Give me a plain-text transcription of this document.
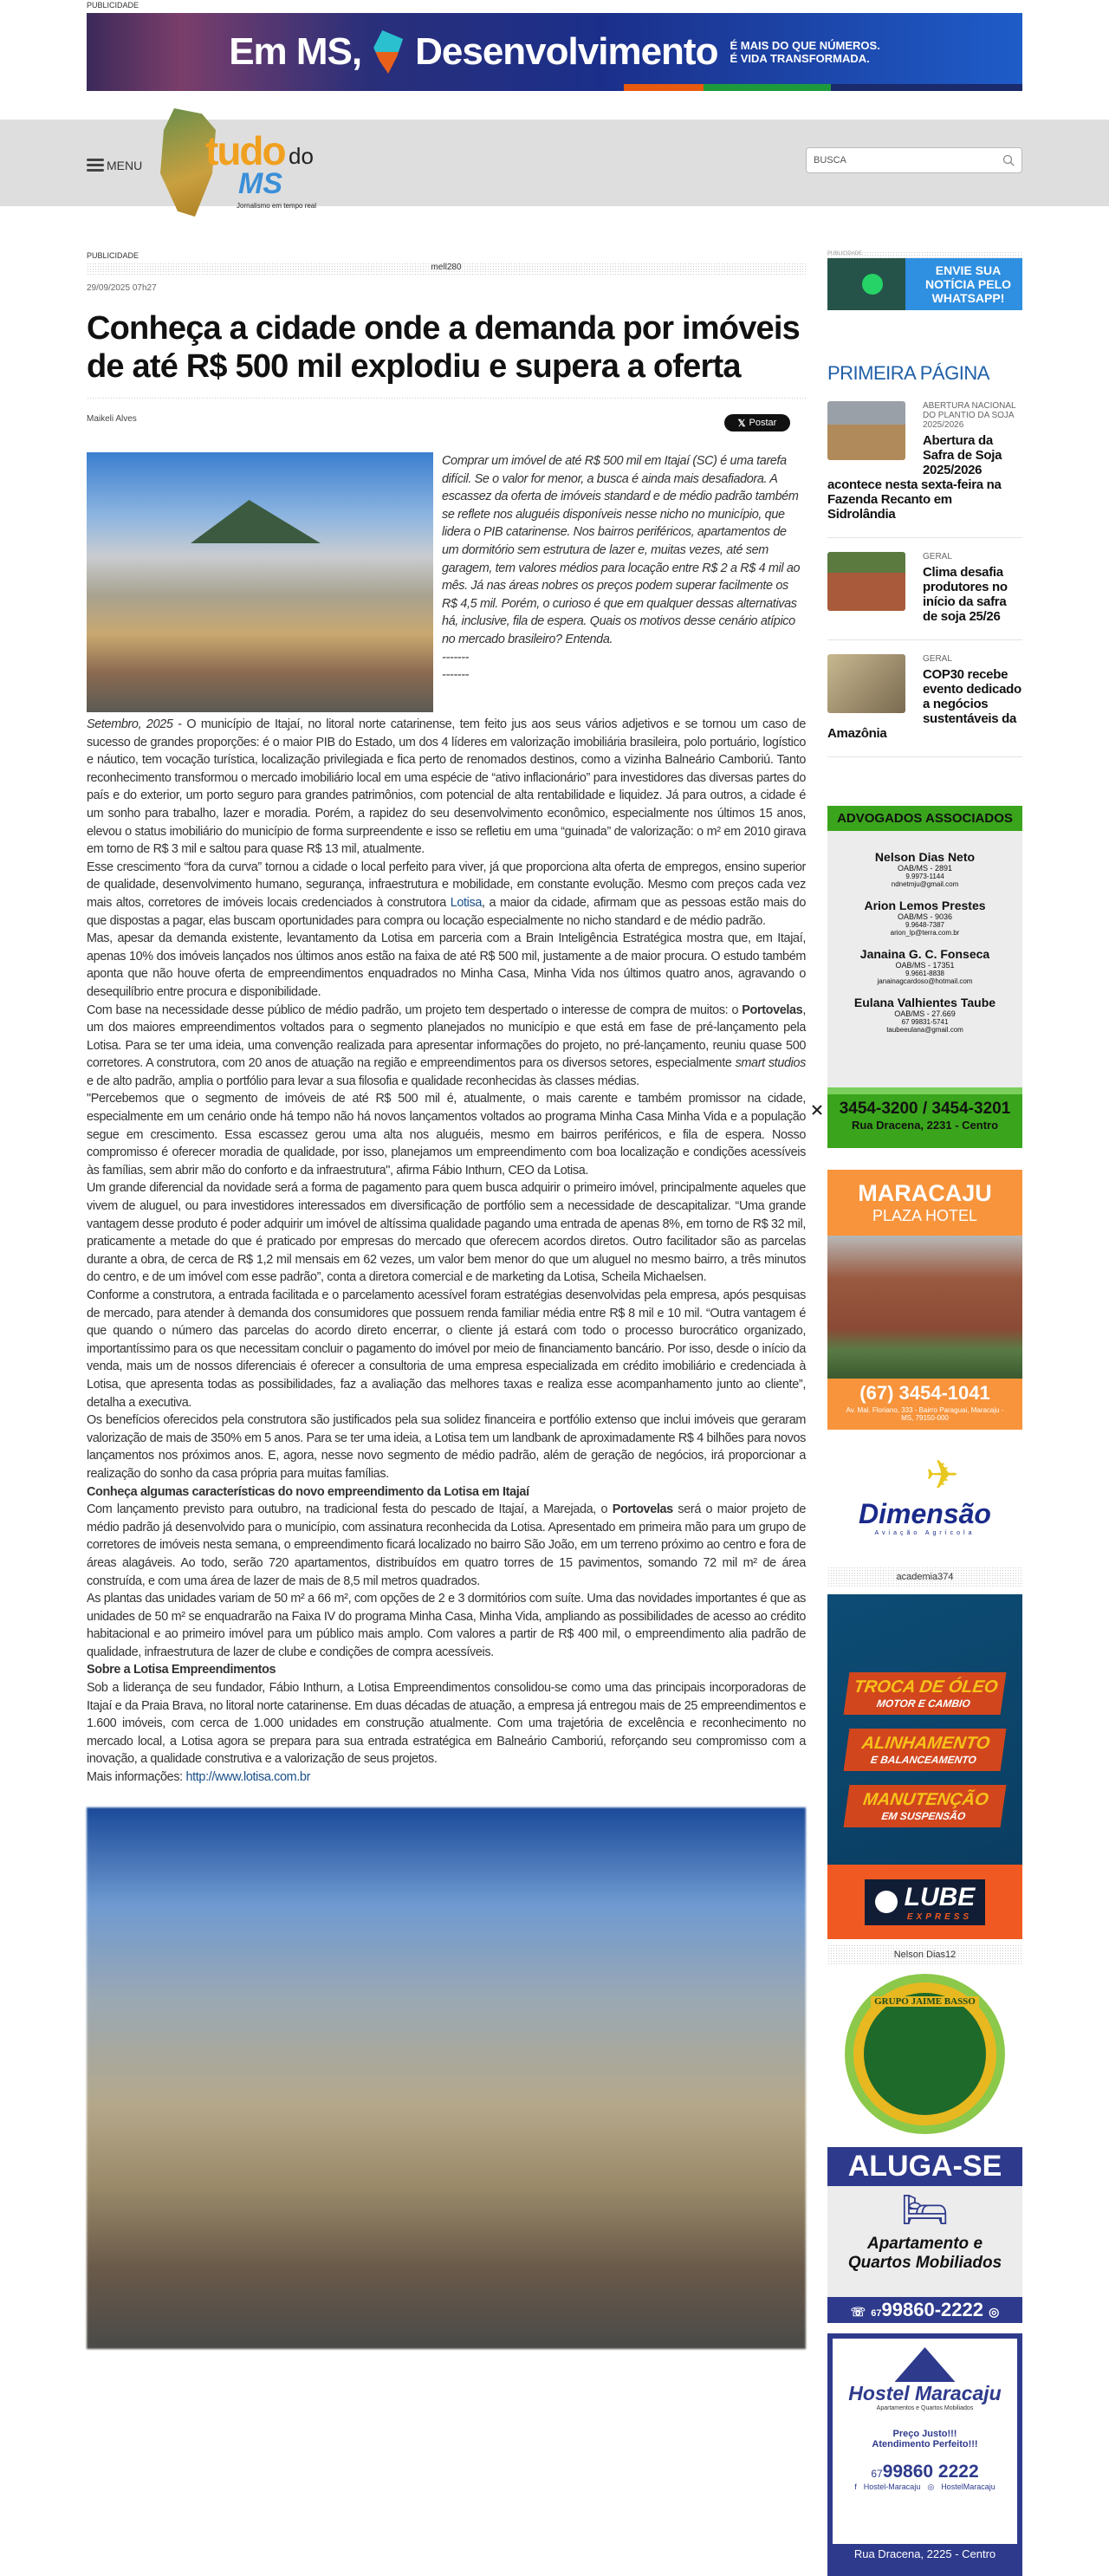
PUBLICIDADE
Em MS, Desenvolvimento É MAIS DO QUE NÚMEROS.
É VIDA TRANSFORMADA.
MENU tudo do
MS
Jornalismo em tempo real
BUSCA
PUBLICIDADE
mell280
29/09/2025 07h27
Conheça a cidade onde a demanda por imóveis de até R$ 500 mil explodiu e supera a oferta
Maikeli Alves	𝕏 Postar
Comprar um imóvel de até R$ 500 mil em Itajaí (SC) é uma tarefa difícil. Se o valor for menor, a busca é ainda mais desafiadora. A escassez da oferta de imóveis standard e de médio padrão também se reflete nos aluguéis disponíveis nesse nicho no município, que lidera o PIB catarinense. Nos bairros periféricos, apartamentos de um dormitório sem estrutura de lazer e, muitas vezes, até sem garagem, tem valores médios para locação entre R$ 2 a R$ 4 mil ao mês. Já nas áreas nobres os preços podem superar facilmente os R$ 4,5 mil. Porém, o curioso é que em qualquer dessas alternativas há, inclusive, fila de espera. Quais os motivos desse cenário atípico no mercado brasileiro? Entenda.
-------
-------

Setembro, 2025 - O município de Itajaí, no litoral norte catarinense, tem feito jus aos seus vários adjetivos e se tornou um caso de sucesso de grandes proporções: é o maior PIB do Estado, um dos 4 líderes em valorização imobiliária brasileira, polo portuário, logístico e náutico, tem vocação turística, localização privilegiada e fica perto de renomados destinos, como a vizinha Balneário Camboriú. Tanto reconhecimento transformou o mercado imobiliário local em uma espécie de “ativo inflacionário” para investidores das diversas partes do país e do exterior, um porto seguro para grandes patrimônios, com potencial de alta rentabilidade e liquidez. Já para outros, a cidade é um sonho para trabalho, lazer e moradia. Porém, a rapidez do seu desenvolvimento econômico, especialmente nos últimos 15 anos, elevou o status imobiliário do município de forma surpreendente e isso se refletiu em uma “guinada” de valorização: o m² em 2010 girava em torno de R$ 3 mil e saltou para quase R$ 13 mil, atualmente.

Esse crescimento “fora da curva” tornou a cidade o local perfeito para viver, já que proporciona alta oferta de empregos, ensino superior de qualidade, desenvolvimento humano, segurança, infraestrutura e mobilidade, em constante evolução. Mesmo com preços cada vez mais altos, corretores de imóveis locais credenciados à construtora Lotisa, a maior da cidade, afirmam que as pessoas estão mais do que dispostas a pagar, elas buscam oportunidades para compra ou locação especialmente no nicho standard e de médio padrão.

Mas, apesar da demanda existente, levantamento da Lotisa em parceria com a Brain Inteligência Estratégica mostra que, em Itajaí, apenas 10% dos imóveis lançados nos últimos anos estão na faixa de até R$ 500 mil, justamente a de maior procura. O estudo também aponta que não houve oferta de empreendimentos enquadrados no Minha Casa, Minha Vida nos últimos quatro anos, agravando o desequilíbrio entre procura e disponibilidade.

Com base na necessidade desse público de médio padrão, um projeto tem despertado o interesse de compra de muitos: o Portovelas, um dos maiores empreendimentos voltados para o segmento planejados no município e que está em fase de pré-lançamento pela Lotisa. Para se ter uma ideia, uma convenção realizada para apresentar informações do projeto, no pré-lançamento, reuniu quase 500 corretores. A construtora, com 20 anos de atuação na região e empreendimentos para os diversos setores, especialmente smart studios e de alto padrão, amplia o portfólio para levar a sua filosofia e qualidade reconhecidas às classes médias.

"Percebemos que o segmento de imóveis de até R$ 500 mil é, atualmente, o mais carente e também promissor na cidade, especialmente em um cenário onde há tempo não há novos lançamentos voltados ao programa Minha Casa Minha Vida e a população segue em crescimento. Essa escassez gerou uma alta nos aluguéis, mesmo em bairros periféricos, e fila de espera. Nosso compromisso é oferecer moradia de qualidade, por isso, planejamos um empreendimento com boa localização e condições acessíveis às famílias, sem abrir mão do conforto e da infraestrutura", afirma Fábio Inthurn, CEO da Lotisa.

Um grande diferencial da novidade será a forma de pagamento para quem busca adquirir o primeiro imóvel, principalmente aqueles que vivem de aluguel, ou para investidores interessados em diversificação de portfólio sem a necessidade de descapitalizar. “Uma grande vantagem desse produto é poder adquirir um imóvel de altíssima qualidade pagando uma entrada de apenas 8%, em torno de R$ 32 mil, praticamente a metade do que é praticado por empresas do mercado que oferecem acordos diretos. Outro facilitador são as parcelas durante a obra, de cerca de R$ 1,2 mil mensais em 62 vezes, um valor bem menor do que um aluguel no mesmo bairro, a três minutos do centro, e de um imóvel com esse padrão”, conta a diretora comercial e de marketing da Lotisa, Scheila Michaelsen.

Conforme a construtora, a entrada facilitada e o parcelamento acessível foram estratégias desenvolvidas pela empresa, após pesquisas de mercado, para atender à demanda dos consumidores que possuem renda familiar média entre R$ 8 mil e 10 mil. “Outra vantagem é que quando o número das parcelas do acordo direto encerrar, o cliente já estará com todo o processo burocrático organizado, importantíssimo para os que necessitam concluir o pagamento do imóvel por meio de financiamento bancário. Por isso, desde o início da venda, mais um de nossos diferenciais é oferecer a consultoria de uma empresa especializada em crédito imobiliário e credenciada à Lotisa, que apresenta todas as possibilidades, faz a avaliação das melhores taxas e realiza esse acompanhamento junto ao cliente”, detalha a executiva.

Os benefícios oferecidos pela construtora são justificados pela sua solidez financeira e portfólio extenso que inclui imóveis que geraram valorização de mais de 350% em 5 anos. Para se ter uma ideia, a Lotisa tem um landbank de aproximadamente R$ 4 bilhões para novos lançamentos nos próximos anos. E, agora, nesse novo segmento de médio padrão, além de geração de negócios, irá proporcionar a realização do sonho da casa própria para muitas famílias.

Conheça algumas características do novo empreendimento da Lotisa em Itajaí

Com lançamento previsto para outubro, na tradicional festa do pescado de Itajaí, a Marejada, o Portovelas será o maior projeto de médio padrão já desenvolvido para o município, com assinatura reconhecida da Lotisa. Apresentado em primeira mão para um grupo de corretores de imóveis nesta semana, o empreendimento ficará localizado no bairro São João, em um terreno próximo ao centro e fora de áreas alagáveis. Ao todo, serão 720 apartamentos, distribuídos em quatro torres de 15 pavimentos, somando 72 mil m² de área construída, e com uma área de lazer de mais de 8,5 mil metros quadrados.

As plantas das unidades variam de 50 m² a 66 m², com opções de 2 e 3 dormitórios com suíte. Uma das novidades importantes é que as unidades de 50 m² se enquadrarão na Faixa IV do programa Minha Casa, Minha Vida, ampliando as possibilidades de acesso ao crédito habitacional e ao primeiro imóvel para um público mais amplo. Com valores a partir de R$ 400 mil, o empreendimento alia padrão de qualidade, infraestrutura de lazer de clube e condições de compra acessíveis.

Sobre a Lotisa Empreendimentos

Sob a liderança de seu fundador, Fábio Inthurn, a Lotisa Empreendimentos consolidou-se como uma das principais incorporadoras de Itajaí e da Praia Brava, no litoral norte catarinense. Em duas décadas de atuação, a empresa já entregou mais de 25 empreendimentos e 1.600 imóveis, com cerca de 1.000 unidades em construção atualmente. Com uma trajetória de excelência e reconhecimento no mercado local, a Lotisa agora se prepara para sua entrada estratégica em Balneário Camboriú, reforçando seu compromisso com a inovação, a qualidade construtiva e a valorização de seus projetos.

Mais informações: http://www.lotisa.com.br

PUBLICIDADE
ENVIE SUA NOTÍCIA PELO WHATSAPP!
PRIMEIRA PÁGINA
ABERTURA NACIONAL DO PLANTIO DA SOJA 2025/2026
Abertura da Safra de Soja 2025/2026 acontece nesta sexta-feira na Fazenda Recanto em Sidrolândia
GERAL
Clima desafia produtores no início da safra de soja 25/26
GERAL
COP30 recebe evento dedicado a negócios sustentáveis da Amazônia
ADVOGADOS ASSOCIADOS
Nelson Dias Neto
OAB/MS - 2891
9.9973-1144
ndnetmju@gmail.com
Arion Lemos Prestes
OAB/MS - 9036
9.9648-7387
arion_lp@terra.com.br
Janaina G. C. Fonseca
OAB/MS - 17351
9.9661-8838
janainagcardoso@hotmail.com
Eulana Valhientes Taube
OAB/MS - 27.669
67 99831-5741
taubeeulana@gmail.com
3454-3200 / 3454-3201
Rua Dracena, 2231 - Centro
MARACAJU
PLAZA HOTEL
(67) 3454-1041
Av. Mal. Floriano, 333 - Bairro Paraguai, Maracaju - MS, 79150-000
✈
Dimensão
Aviação Agrícola
academia374
TROCA DE ÓLEO
MOTOR E CAMBIO
ALINHAMENTO
E BALANCEAMENTO
MANUTENÇÃO
EM SUSPENSÃO
LUBE
EXPRESS
Nelson Dias12
GRUPO JAIME BASSO
ALUGA-SE
🛏
Apartamento e
Quartos Mobiliados
☏ 6799860-2222 ◎
Hostel Maracaju
Apartamentos e Quartos Mobiliados
Preço Justo!!!
Atendimento Perfeito!!!
6799860 2222
f Hostel-Maracaju ◎ HostelMaracaju
Rua Dracena, 2225 - Centro
